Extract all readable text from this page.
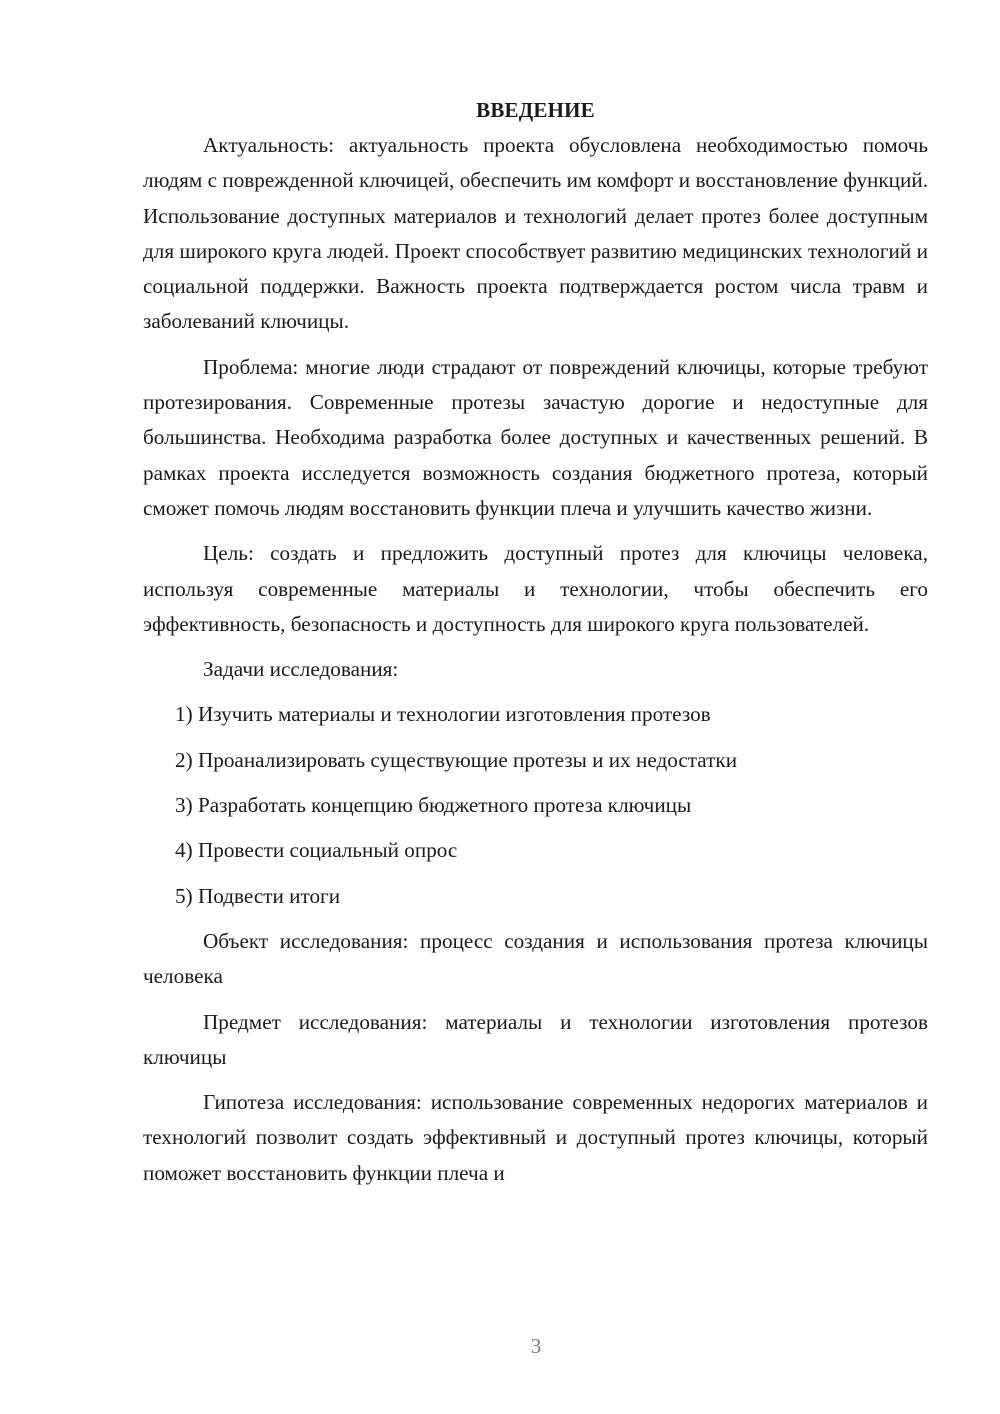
ВВЕДЕНИЕ

Актуальность: актуальность проекта обусловлена необходимостью помочь людям с поврежденной ключицей, обеспечить им комфорт и восстановление функций. Использование доступных материалов и технологий делает протез более доступным для широкого круга людей. Проект способствует развитию медицинских технологий и социальной поддержки. Важность проекта подтверждается ростом числа травм и заболеваний ключицы.

Проблема: многие люди страдают от повреждений ключицы, которые требуют протезирования. Современные протезы зачастую дорогие и недоступные для большинства. Необходима разработка более доступных и качественных решений. В рамках проекта исследуется возможность создания бюджетного протеза, который сможет помочь людям восстановить функции плеча и улучшить качество жизни.

Цель: создать и предложить доступный протез для ключицы человека, используя современные материалы и технологии, чтобы обеспечить его эффективность, безопасность и доступность для широкого круга пользователей.

Задачи исследования:
1) Изучить материалы и технологии изготовления протезов
2) Проанализировать существующие протезы и их недостатки
3) Разработать концепцию бюджетного протеза ключицы
4) Провести социальный опрос
5) Подвести итоги

Объект исследования: процесс создания и использования протеза ключицы человека

Предмет исследования: материалы и технологии изготовления протезов ключицы

Гипотеза исследования: использование современных недорогих материалов и технологий позволит создать эффективный и доступный протез ключицы, который поможет восстановить функции плеча и

3
